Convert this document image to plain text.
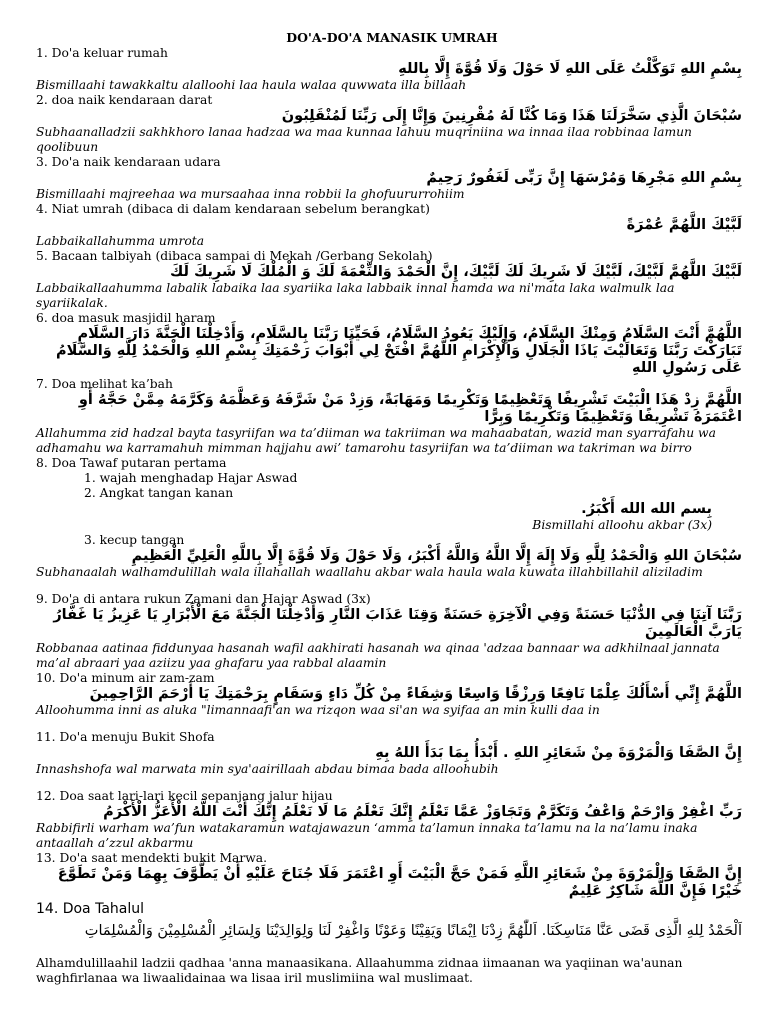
DO'A-DO'A MANASIK UMRAH

1. Do'a keluar rumah

بِسْمِ اللهِ تَوَكَّلْتُ عَلَى اللهِ لَا حَوْلَ وَلَا قُوَّةَ إِلَّا بِاللهِ

Bismillaahi tawakkaltu alalloohi laa haula walaa quwwata illa billaah

2. doa naik kendaraan darat

سُبْحَانَ الَّذِي سَخَّرَلَنَا هَذَا وَمَا كُنَّا لَهُ مُقْرِنِينَ وَإِنَّا إِلَى رَبِّنَا لَمُنْقَلِبُونَ

Subhaanalladzii sakhkhoro lanaa hadzaa wa maa kunnaa lahuu muqriniina wa innaa ilaa robbinaa lamun qoolibuun

3. Do'a naik kendaraan udara

بِسْمِ اللهِ مَجْرِهَا وَمُرْسَهَا إِنَّ رَبِّى لَغَفُورٌ رَحِيمٌ

Bismillaahi majreehaa wa mursaahaa inna robbii la ghofuururrohiim

4. Niat umrah (dibaca di dalam kendaraan sebelum berangkat)

لَبَّيْكَ اللَّهُمَّ عُمْرَةً

Labbaikallahumma umrota

5. Bacaan talbiyah (dibaca sampai di Mekah /Gerbang Sekolah)

لَبَّيْكَ اللَّهُمَّ لَبَّيْكَ، لَبَّيْكَ لَا شَرِيكَ لَكَ لَبَّيْكَ، إِنَّ الْحَمْدَ وَالنِّعْمَةَ لَكَ وَ الْمُلْكَ لَا شَرِيكَ لَكَ

Labbaikallaahumma labalik labaika laa syariika laka labbaik innal hamda wa ni'mata laka walmulk laa syariikalak.

6. doa masuk masjidil haram

اللَّهُمَّ أَنْتَ السَّلَامُ وَمِنْكَ السَّلَامُ، وَإِلَيْكَ يَعُودُ السَّلَامُ، فَحَيِّنَا رَبَّنَا بِالسَّلَامِ، وَأَدْخِلْنَا الْجَنَّةَ دَارَ السَّلَامِ تَبَارَكْتَ رَبَّنَا وَتَعَالَيْتَ يَاذَا الْجَلَالِ وَالْإِكْرَامِ اللَّهُمَّ افْتَحْ لِي أَبْوَابَ رَحْمَتِكَ بِسْمِ اللهِ وَالْحَمْدُ لِلَّهِ وَالسَّلَامُ عَلَى رَسُولِ اللهِ

7. Doa melihat ka’bah

اللَّهُمَّ زِدْ هَذَا الْبَيْتَ تَشْرِيفًا وَتَعْظِيمًا وَتَكْرِيمًا وَمَهَابَةً، وَزِدْ مَنْ شَرَّفَهُ وَعَظَّمَهُ وَكَرَّمَهُ مِمَّنْ حَجَّهُ أَوِ اعْتَمَرَهُ تَشْرِيفًا وَتَعْظِيمًا وَتَكْرِيمًا وَبِرًّا

Allahumma zid hadzal bayta tasyriifan wa ta’diiman wa takriiman wa mahaabatan, wazid man syarrafahu wa adhamahu wa karramahuh mimman hajjahu awi’ tamarohu tasyriifan wa ta’diiman wa takriman wa birro

8. Doa Tawaf putaran pertama

1. wajah menghadap Hajar Aswad

2. Angkat tangan kanan

بِسم الله الله أَكْبَرُ.

Bismillahi alloohu akbar (3x)

3. kecup tangan

سُبْحَانَ اللهِ وَالْحَمْدُ لِلَّهِ وَلَا إِلَهَ إِلَّا اللَّهُ وَاللَّهُ أَكْبَرُ، وَلَا حَوْلَ وَلَا قُوَّةَ إِلَّا بِاللَّهِ الْعَلِيِّ الْعَظِيمِ

Subhanaalah walhamdulillah wala illahallah waallahu akbar wala haula wala kuwata illahbillahil aliziladim

9. Do'a di antara rukun Zamani dan Hajar Aswad (3x)

رَبَّنَا آتِنَا فِي الدُّنْيَا حَسَنَةً وَفِي الْآخِرَةِ حَسَنَةً وَقِنَا عَذَابَ النَّارِ وَأَدْخِلْنَا الْجَنَّةَ مَعَ الْأَبْرَارِ يَا عَزِيزُ يَا غَفَّارُ يَارَبَّ الْعَالَمِينَ

Robbanaa aatinaa fiddunyaa hasanah wafil aakhirati hasanah wa qinaa 'adzaa bannaar wa adkhilnaal jannata ma’al abraari yaa aziizu yaa ghafaru yaa rabbal alaamin

10. Do'a minum air zam-zam

اللَّهُمَّ إِنِّي أَسْأَلُكَ عِلْمًا نَافِعًا وَرِزْقًا وَاسِعًا وَشِفَاءً مِنْ كُلِّ دَاءٍ وَسَقَامٍ بِرَحْمَتِكَ يَا أَرْحَمَ الرَّاحِمِينَ

Alloohumma inni as aluka "limannaafi'an wa rizqon waa si'an wa syifaa an min kulli daa in

11. Do'a menuju Bukit Shofa

إِنَّ الصَّفَا وَالْمَرْوَةَ مِنْ شَعَائِرِ اللهِ . أَبْدَأُ بِمَا بَدَأَ اللهُ بِهِ

Innashshofa wal marwata min sya'aairillaah abdau bimaa bada alloohubih

12. Doa saat lari-lari kecil sepanjang jalur hijau

رَبِّ اغْفِرْ وَارْحَمْ وَاعْفُ وَتَكَرَّمْ وَتَجَاوَزْ عَمَّا تَعْلَمُ إِنَّكَ تَعْلَمُ مَا لَا نَعْلَمُ إِنَّكَ أَنْتَ اللَّهُ الْأَعَزُّ الْأَكْرَمُ

Rabbifirli warham wa’fun watakaramun watajawazun ‘amma ta’lamun innaka ta’lamu na la na’lamu inaka antaallah a’zzul akbarmu

13. Do'a saat mendekti bukit Marwa.

إِنَّ الصَّفَا وَالْمَرْوَةَ مِنْ شَعَائِرِ اللَّهِ فَمَنْ حَجَّ الْبَيْتَ أَوِ اعْتَمَرَ فَلَا جُنَاحَ عَلَيْهِ أَنْ يَطَّوَّفَ بِهِمَا وَمَنْ تَطَوَّعَ خَيْرًا فَإِنَّ اللَّهَ شَاكِرٌ عَلِيمٌ

14. Doa Tahalul

اَلْحَمْدُ لِلهِ الَّذِى قَضَى عَنَّا مَنَاسِكَنَا. اَللّٰهُمَّ زِدْنَا اِيْمَانًا وَيَقِيْنًا وَعَوْنًا وَاغْفِرْ لَنَا وَلِوَالِدَيْنَا وَلِسَائِرِ الْمُسْلِمِيْنَ وَالْمُسْلِمَاتِ

Alhamdulillaahil ladzii qadhaa 'anna manaasikana. Allaahumma zidnaa iimaanan wa yaqiinan wa'aunan waghfirlanaa wa liwaalidainaa wa lisaa iril muslimiina wal muslimaat.
